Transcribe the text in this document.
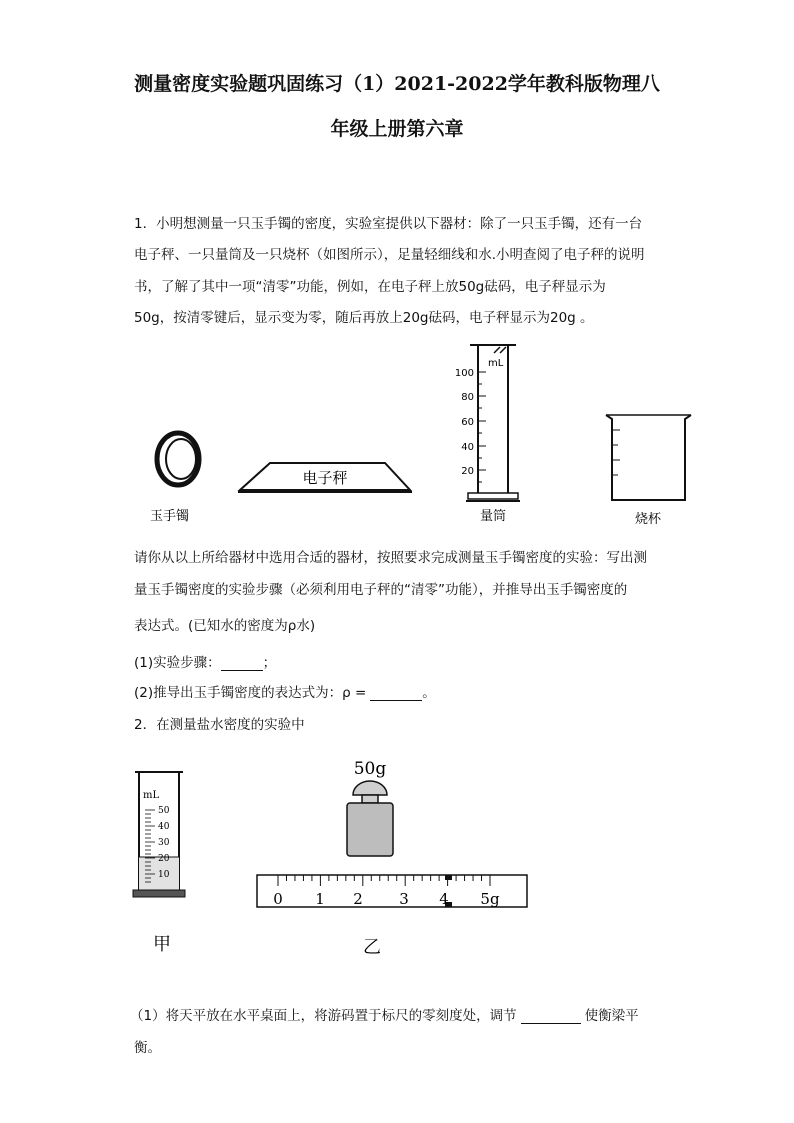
测量密度实验题巩固练习（1）2021-2022学年教科版物理八
年级上册第六章
1．小明想测量一只玉手镯的密度，实验室提供以下器材：除了一只玉手镯，还有一台
电子秤、一只量筒及一只烧杯（如图所示），足量轻细线和水.小明查阅了电子秤的说明
书，了解了其中一项“清零”功能，例如，在电子秤上放50g砝码，电子秤显示为
50g，按清零键后，显示变为零，随后再放上20g砝码，电子秤显示为20g 。
玉手镯
电子秤
mL
100
80
60
40
20
量筒	烧杯
请你从以上所给器材中选用合适的器材，按照要求完成测量玉手镯密度的实验：写出测
量玉手镯密度的实验步骤（必须利用电子秤的“清零”功能），并推导出玉手镯密度的
表达式。(已知水的密度为ρ水)
(1)实验步骤：	；
(2)推导出玉手镯密度的表达式为：ρ =	。
2．在测量盐水密度的实验中
mL
50
40
30
20
10
甲
50g
0 1 2 3 4 5g
乙
（1）将天平放在水平桌面上，将游码置于标尺的零刻度处，调节	使衡梁平
衡。
